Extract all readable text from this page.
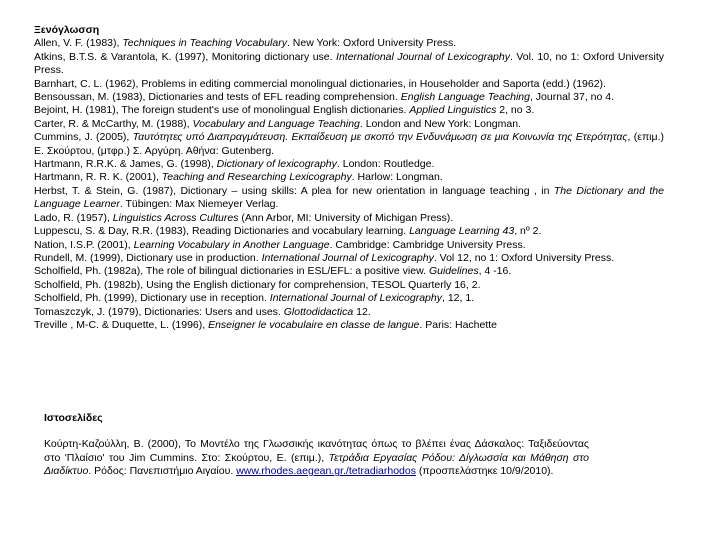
Ξενόγλωσση

Allen, V. F. (1983), Techniques in Teaching Vocabulary. New York: Oxford University Press.

Atkins, B.T.S. & Varantola, K. (1997), Monitoring dictionary use. International Journal of Lexicography. Vol. 10, no 1: Oxford University Press.

Barnhart, C. L. (1962), Problems in editing commercial monolingual dictionaries, in Householder and Saporta (edd.) (1962).

Bensoussan, M. (1983), Dictionaries and tests of EFL reading comprehension. English Language Teaching, Journal 37, no 4.

Bejoint, H. (1981), The foreign student's use of monolingual English dictionaries. Applied Linguistics 2, no 3.

Carter, R. & McCarthy, M. (1988), Vocabulary and Language Teaching. London and New York: Longman.

Cummins, J. (2005), Ταυτότητες υπό Διαπραγμάτευση. Εκπαίδευση με σκοπό την Ενδυνάμωση σε μια Κοινωνία της Ετερότητας, (επιμ.) Ε. Σκούρτου, (μτφρ.) Σ. Αργύρη. Αθήνα: Gutenberg.

Hartmann, R.R.K. & James, G. (1998), Dictionary of lexicography. London: Routledge.

Hartmann, R. R. K. (2001), Teaching and Researching Lexicography. Harlow: Longman.

Herbst, T. & Stein, G. (1987), Dictionary – using skills: A plea for new orientation in language teaching , in The Dictionary and the Language Learner. Tübingen: Max Niemeyer Verlag.

Lado, R. (1957), Linguistics Across Cultures (Ann Arbor, MI: University of Michigan Press).

Luppescu, S. & Day, R.R. (1983), Reading Dictionaries and vocabulary learning. Language Learning 43, nº 2.

Nation, I.S.P. (2001), Learning Vocabulary in Another Language. Cambridge: Cambridge University Press.

Rundell, M. (1999), Dictionary use in production. International Journal of Lexicography. Vol 12, no 1: Oxford University Press.

Scholfield, Ph. (1982a), The role of bilingual dictionaries in ESL/EFL: a positive view. Guidelines, 4 -16.

Scholfield, Ph. (1982b), Using the English dictionary for comprehension, TESOL Quarterly 16, 2.

Scholfield, Ph. (1999), Dictionary use in reception. International Journal of Lexicography, 12, 1.

Tomaszczyk, J. (1979), Dictionaries: Users and uses. Glottodidactica 12.

Treville , M-C. & Duquette, L. (1996), Enseigner le vocabulaire en classe de langue. Paris: Hachette

Ιστοσελίδες

Κούρτη-Καζούλλη, Β. (2000), Το Μοντέλο της Γλωσσικής ικανότητας όπως το βλέπει ένας Δάσκαλος: Ταξιδεύοντας στο 'Πλαίσιο' του Jim Cummins. Στο: Σκούρτου, Ε. (επιμ.), Τετράδια Εργασίας Ρόδου: Δίγλωσσία και Μάθηση στο Διαδίκτυο. Ρόδος: Πανεπιστήμιο Αιγαίου. www.rhodes.aegean.gr./tetradiarhodos (προσπελάστηκε 10/9/2010).
